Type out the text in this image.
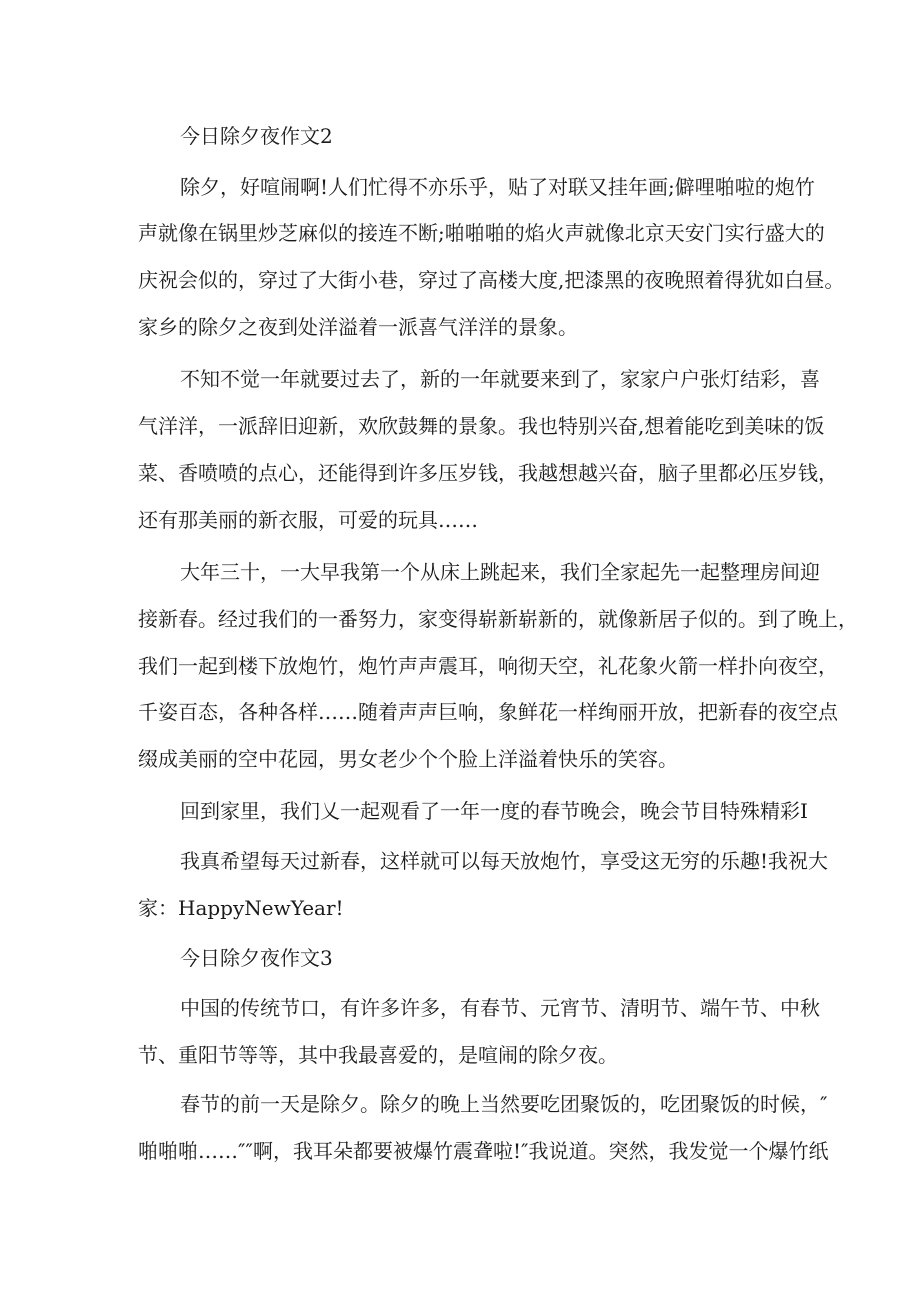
今日除夕夜作文2
除夕，好喧闹啊!人们忙得不亦乐乎，贴了对联又挂年画;僻哩啪啦的炮竹
声就像在锅里炒芝麻似的接连不断;啪啪啪的焰火声就像北京天安门实行盛大的
庆祝会似的，穿过了大街小巷，穿过了高楼大度,把漆黑的夜晚照着得犹如白昼。
家乡的除夕之夜到处洋溢着一派喜气洋洋的景象。
不知不觉一年就要过去了，新的一年就要来到了，家家户户张灯结彩，喜
气洋洋，一派辞旧迎新，欢欣鼓舞的景象。我也特别兴奋,想着能吃到美味的饭
菜、香喷喷的点心，还能得到许多压岁钱，我越想越兴奋，脑子里都必压岁钱，
还有那美丽的新衣服，可爱的玩具……
大年三十，一大早我第一个从床上跳起来，我们全家起先一起整理房间迎
接新春。经过我们的一番努力，家变得崭新崭新的，就像新居子似的。到了晚上，
我们一起到楼下放炮竹，炮竹声声震耳，响彻天空，礼花象火箭一样扑向夜空，
千姿百态，各种各样……随着声声巨响，象鲜花一样绚丽开放，把新春的夜空点
缀成美丽的空中花园，男女老少个个脸上洋溢着快乐的笑容。
回到家里，我们乂一起观看了一年一度的春节晚会，晚会节目特殊精彩I
我真希望每天过新春，这样就可以每天放炮竹，享受这无穷的乐趣!我祝大
家：HappyNewYear!
今日除夕夜作文3
中国的传统节口，有许多许多，有春节、元宵节、清明节、端午节、中秋
节、重阳节等等，其中我最喜爱的，是喧闹的除夕夜。
春节的前一天是除夕。除夕的晚上当然要吃团聚饭的，吃团聚饭的时候，″
啪啪啪……″″啊，我耳朵都要被爆竹震聋啦!″我说道。突然，我发觉一个爆竹纸
